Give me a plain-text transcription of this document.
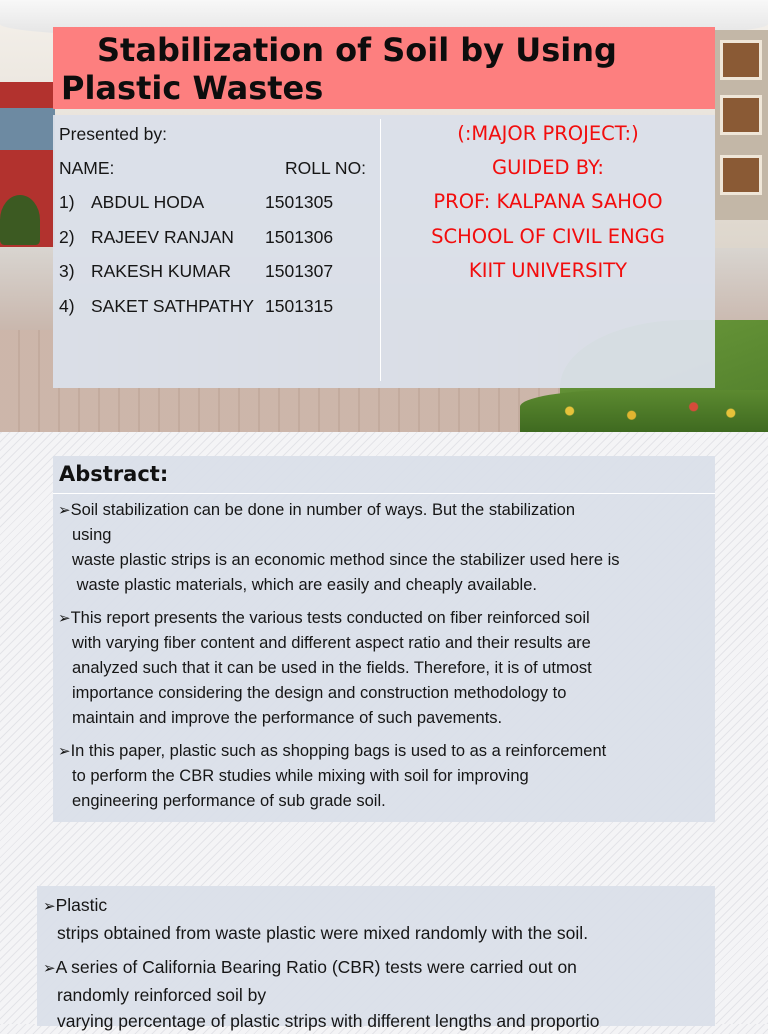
Stabilization of Soil by Using
Plastic Wastes
Presented by:
NAME:	ROLL NO:
1) ABDUL HODA	1501305
2) RAJEEV RANJAN 1501306
3) RAKESH KUMAR 1501307
4) SAKET SATHPATHY 1501315
(:MAJOR PROJECT:)
GUIDED BY:
PROF: KALPANA SAHOO
SCHOOL OF CIVIL ENGG
KIIT UNIVERSITY
Abstract:

➢Soil stabilization can be done in number of ways. But the stabilization
using
waste plastic strips is an economic method since the stabilizer used here is
waste plastic materials, which are easily and cheaply available.

➢This report presents the various tests conducted on fiber reinforced soil
with varying fiber content and different aspect ratio and their results are
analyzed such that it can be used in the fields. Therefore, it is of utmost
importance considering the design and construction methodology to
maintain and improve the performance of such pavements.

➢In this paper, plastic such as shopping bags is used to as a reinforcement
to perform the CBR studies while mixing with soil for improving
engineering performance of sub grade soil.

➢Plastic
strips obtained from waste plastic were mixed randomly with the soil.

➢A series of California Bearing Ratio (CBR) tests were carried out on
randomly reinforced soil by
varying percentage of plastic strips with different lengths and proportio
